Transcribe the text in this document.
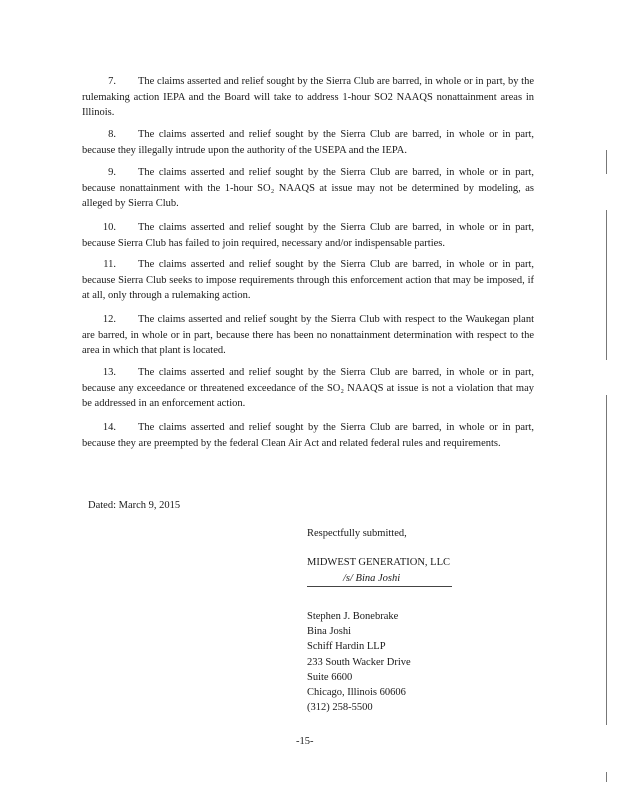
7. The claims asserted and relief sought by the Sierra Club are barred, in whole or in part, by the rulemaking action IEPA and the Board will take to address 1-hour SO2 NAAQS nonattainment areas in Illinois.
8. The claims asserted and relief sought by the Sierra Club are barred, in whole or in part, because they illegally intrude upon the authority of the USEPA and the IEPA.
9. The claims asserted and relief sought by the Sierra Club are barred, in whole or in part, because nonattainment with the 1-hour SO₂ NAAQS at issue may not be determined by modeling, as alleged by Sierra Club.
10. The claims asserted and relief sought by the Sierra Club are barred, in whole or in part, because Sierra Club has failed to join required, necessary and/or indispensable parties.
11. The claims asserted and relief sought by the Sierra Club are barred, in whole or in part, because Sierra Club seeks to impose requirements through this enforcement action that may be imposed, if at all, only through a rulemaking action.
12. The claims asserted and relief sought by the Sierra Club with respect to the Waukegan plant are barred, in whole or in part, because there has been no nonattainment determination with respect to the area in which that plant is located.
13. The claims asserted and relief sought by the Sierra Club are barred, in whole or in part, because any exceedance or threatened exceedance of the SO₂ NAAQS at issue is not a violation that may be addressed in an enforcement action.
14. The claims asserted and relief sought by the Sierra Club are barred, in whole or in part, because they are preempted by the federal Clean Air Act and related federal rules and requirements.
Dated: March 9, 2015
Respectfully submitted,
MIDWEST GENERATION, LLC
/s/ Bina Joshi
Stephen J. Bonebrake
Bina Joshi
Schiff Hardin LLP
233 South Wacker Drive
Suite 6600
Chicago, Illinois 60606
(312) 258-5500
-15-
